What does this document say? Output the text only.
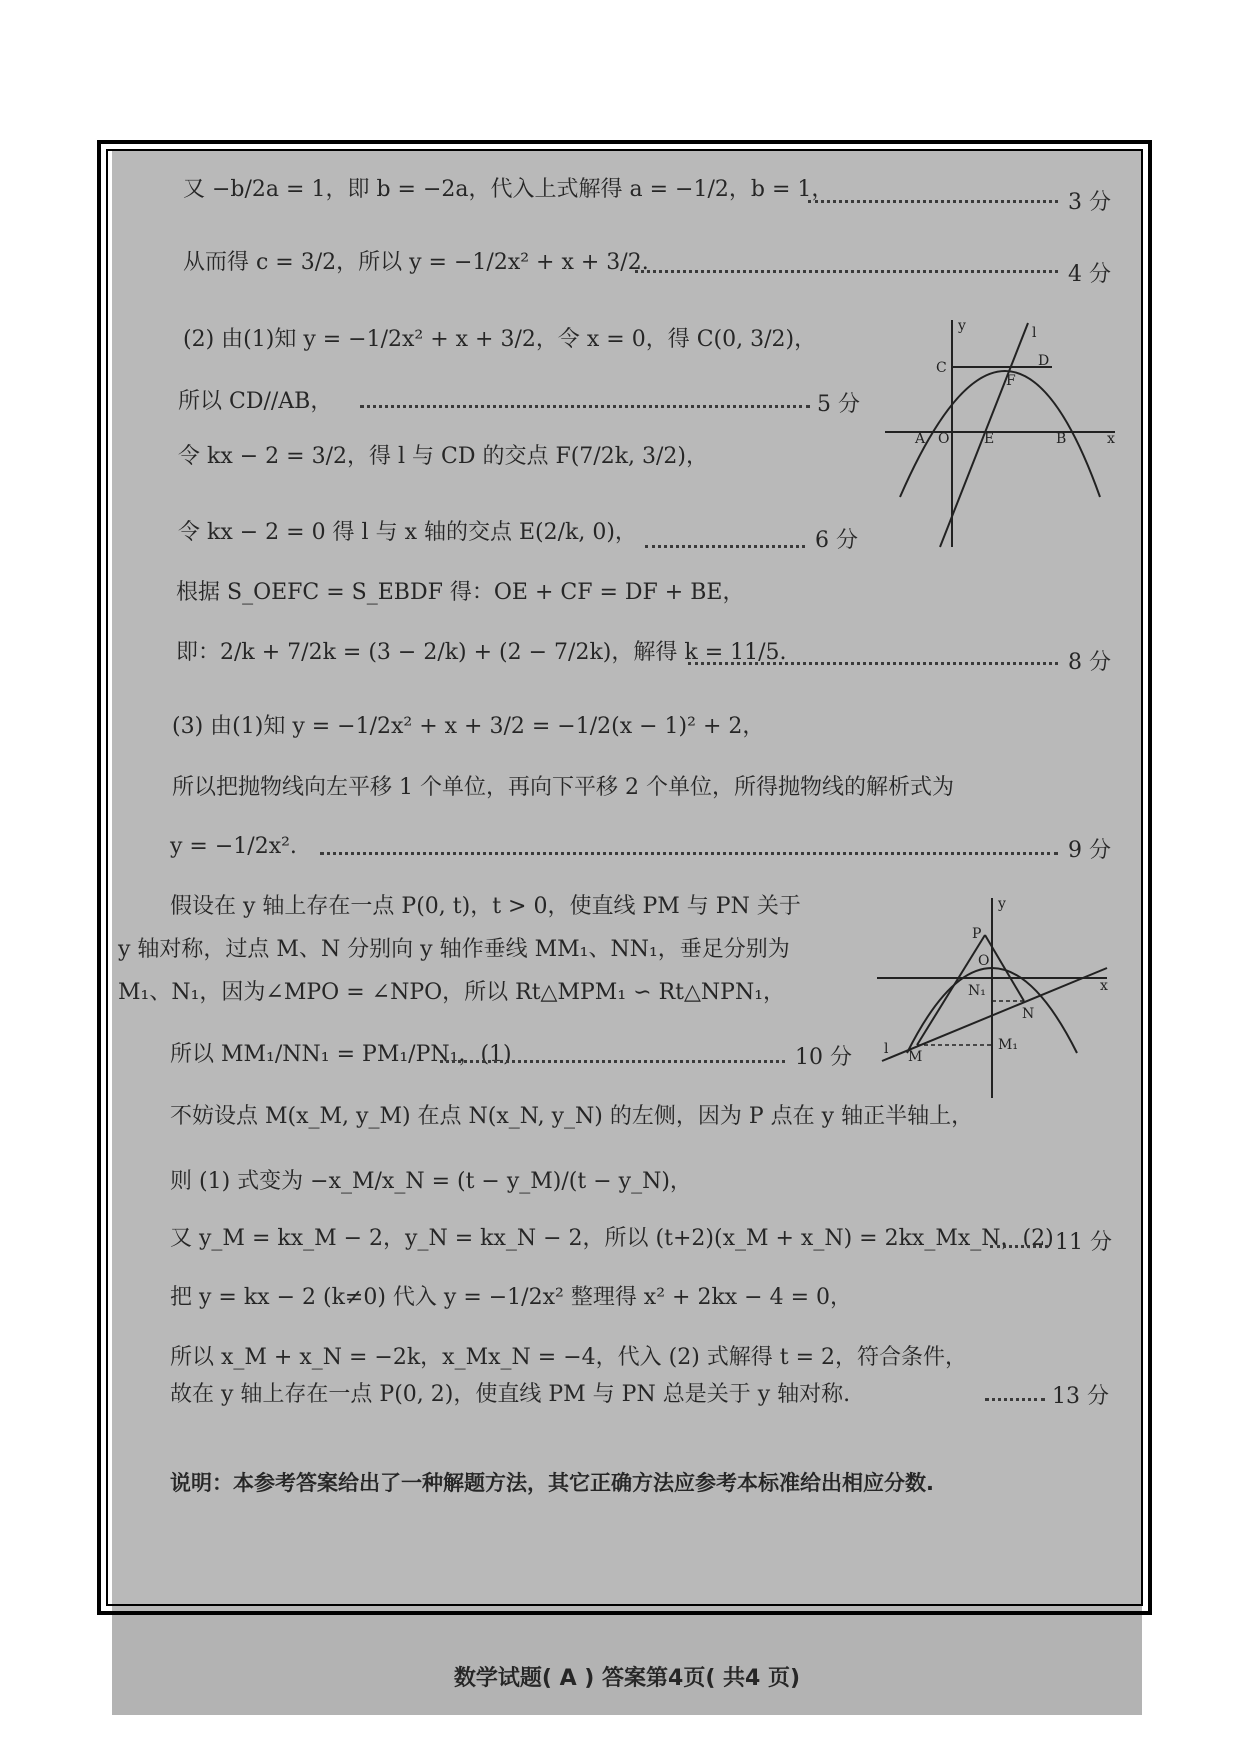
又 −b/2a = 1，即 b = −2a，代入上式解得 a = −1/2，b = 1，
3 分
从而得 c = 3/2，所以 y = −1/2x² + x + 3/2.	4 分
(2) 由(1)知 y = −1/2x² + x + 3/2，令 x = 0，得 C(0, 3/2)，
所以 CD//AB，	5 分
令 kx − 2 = 3/2，得 l 与 CD 的交点 F(7/2k, 3/2)，
令 kx − 2 = 0 得 l 与 x 轴的交点 E(2/k, 0)，	6 分
根据 S_OEFC = S_EBDF 得：OE + CF = DF + BE，
即：2/k + 7/2k = (3 − 2/k) + (2 − 7/2k)，解得 k = 11/5.	8 分
(3) 由(1)知 y = −1/2x² + x + 3/2 = −1/2(x − 1)² + 2，
所以把抛物线向左平移 1 个单位，再向下平移 2 个单位，所得抛物线的解析式为
y = −1/2x².	9 分
假设在 y 轴上存在一点 P(0, t)，t > 0，使直线 PM 与 PN 关于
y 轴对称，过点 M、N 分别向 y 轴作垂线 MM₁、NN₁，垂足分别为
M₁、N₁，因为∠MPO = ∠NPO，所以 Rt△MPM₁ ∽ Rt△NPN₁，
所以 MM₁/NN₁ = PM₁/PN₁，(1)	10 分
不妨设点 M(x_M, y_M) 在点 N(x_N, y_N) 的左侧，因为 P 点在 y 轴正半轴上，
则 (1) 式变为 −x_M/x_N = (t − y_M)/(t − y_N)，
又 y_M = kx_M − 2，y_N = kx_N − 2，所以 (t+2)(x_M + x_N) = 2kx_Mx_N，(2) 11 分
把 y = kx − 2 (k≠0) 代入 y = −1/2x² 整理得 x² + 2kx − 4 = 0，
所以 x_M + x_N = −2k，x_Mx_N = −4，代入 (2) 式解得 t = 2，符合条件，
故在 y 轴上存在一点 P(0, 2)，使直线 PM 与 PN 总是关于 y 轴对称.	13 分
说明：本参考答案给出了一种解题方法，其它正确方法应参考本标准给出相应分数.
y	l
C	D
F
A O E	B	x
y
P
O
N₁
N
x
l M
M₁
数学试题( A ) 答案第4页( 共4 页)
